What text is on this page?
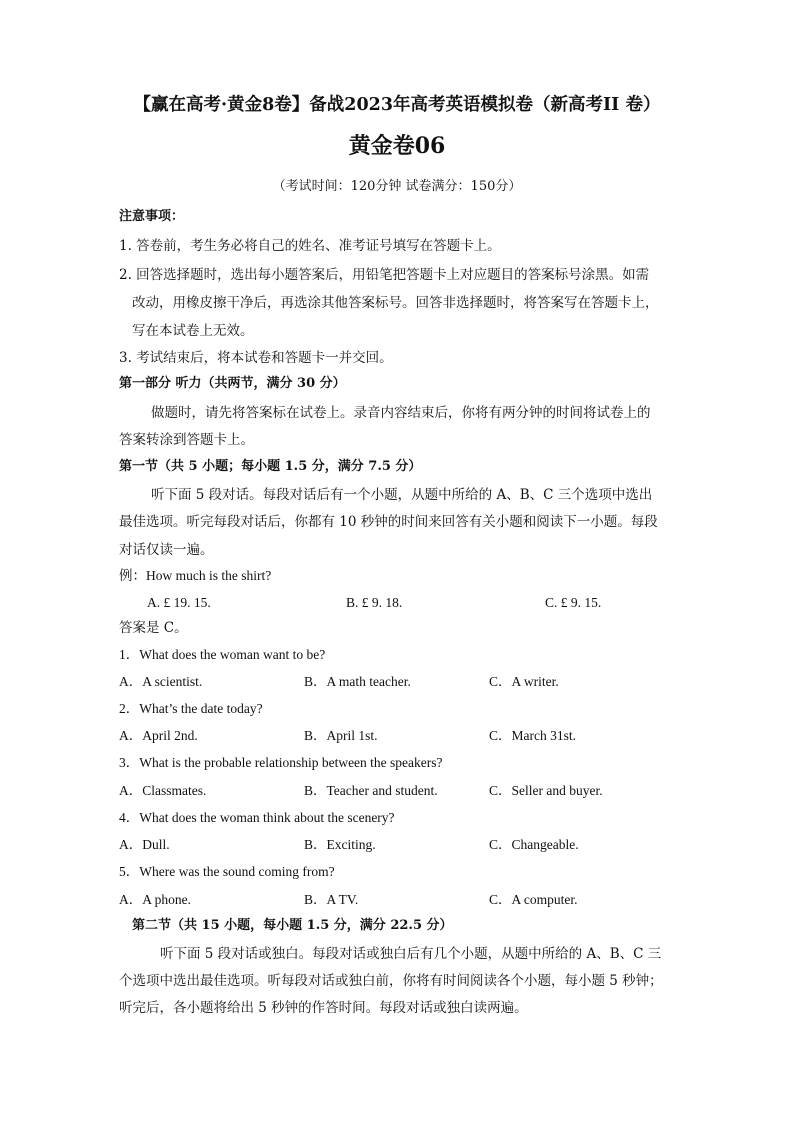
【赢在高考·黄金8卷】备战2023年高考英语模拟卷（新高考II 卷）
黄金卷06
（考试时间：120分钟 试卷满分：150分）
注意事项：
1. 答卷前，考生务必将自己的姓名、准考证号填写在答题卡上。
2. 回答选择题时，选出每小题答案后，用铅笔把答题卡上对应题目的答案标号涂黑。如需
改动，用橡皮擦干净后，再选涂其他答案标号。回答非选择题时，将答案写在答题卡上，
写在本试卷上无效。
3. 考试结束后，将本试卷和答题卡一并交回。
第一部分 听力（共两节，满分 30 分）
做题时，请先将答案标在试卷上。录音内容结束后，你将有两分钟的时间将试卷上的
答案转涂到答题卡上。
第一节（共 5 小题；每小题 1.5 分，满分 7.5 分）
听下面 5 段对话。每段对话后有一个小题，从题中所给的 A、B、C 三个选项中选出
最佳选项。听完每段对话后，你都有 10 秒钟的时间来回答有关小题和阅读下一小题。每段
对话仅读一遍。
例：How much is the shirt?
A. £ 19. 15.	B. £ 9. 18.	C. £ 9. 15.
答案是 C。
1．What does the woman want to be?
A．A scientist.	B．A math teacher.	C．A writer.
2．What’s the date today?
A．April 2nd.	B．April 1st.	C．March 31st.
3．What is the probable relationship between the speakers?
A．Classmates.	B．Teacher and student.	C．Seller and buyer.
4．What does the woman think about the scenery?
A．Dull.	B．Exciting.	C．Changeable.
5．Where was the sound coming from?
A．A phone.	B．A TV.	C．A computer.
第二节（共 15 小题，每小题 1.5 分，满分 22.5 分）
听下面 5 段对话或独白。每段对话或独白后有几个小题，从题中所给的 A、B、C 三
个选项中选出最佳选项。听每段对话或独白前，你将有时间阅读各个小题，每小题 5 秒钟；
听完后，各小题将给出 5 秒钟的作答时间。每段对话或独白读两遍。
